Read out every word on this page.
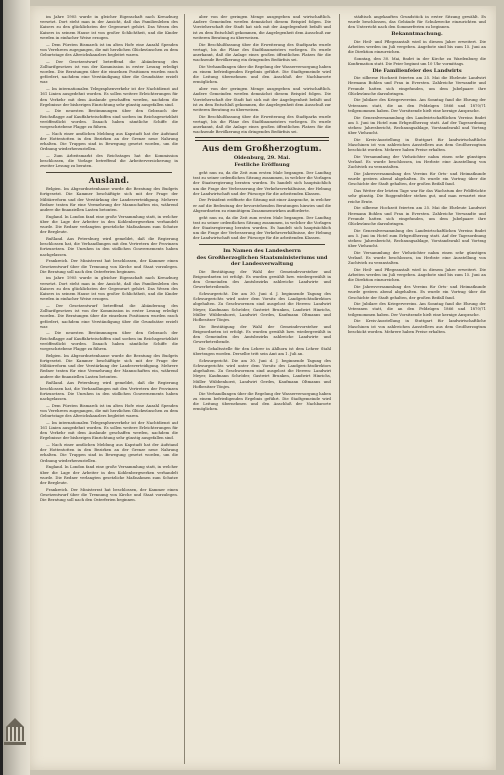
im Jahre 1905 wurde in gleicher Eigenschaft nach Kreuzburg versetzt. Dort steht man in der Ansicht, daß das Familienleben des Kaisers zu den glücklichsten der Gegenwart gehört. Das Wesen des Kaisers in seinem Hause ist von großer Schlichtheit, und die Kinder werden in einfacher Weise erzogen.

— Dem Fürsten Bismarck ist im alten Hofe eine Anzahl Spenden von Verehrern zugegangen, die mit herzlichen Glückwünschen zu dem Geburtstage des Altreichskanzlers begleitet waren.

— Der Gesetzentwurf betreffend die Abänderung des Zolltarifgesetzes ist von der Kommission in erster Lesung erledigt worden. Die Beratungen über die einzelnen Positionen wurden rasch gefördert, nachdem eine Verständigung über die Grundsätze erzielt war.

— Im internationalen Telegraphenverkehr ist der Nachtdienst auf 161 Linien ausgedehnt worden. Es sollen weitere Erleichterungen für den Verkehr mit dem Auslande geschaffen werden, nachdem die Ergebnisse der bisherigen Einrichtung sehr günstig ausgefallen sind.

— Die neuesten Bestimmungen über den Gebrauch der Reichsflagge auf Kauffahrteischiffen sind soeben im Reichsgesetzblatt veröffentlicht worden. Danach haben sämtliche Schiffe die vorgeschriebene Flagge zu führen.

— Nach einer amtlichen Meldung aus Kapstadt hat der Aufstand der Hottentotten in den Bezirken an der Grenze neue Nahrung erhalten. Die Truppen sind in Bewegung gesetzt worden, um die Ordnung wiederherzustellen.

— Zum Arbeitsmarkt des Reichstages hat die Kommission beschlossen, die Vorlage betreffend die Arbeiterversicherung in zweiter Lesung zu beraten.

Ausland.

Belgien. Im Abgeordnetenhause wurde die Beratung des Budgets fortgesetzt. Die Kammer beschäftigte sich mit der Frage der Militärreform und der Verstärkung der Landesverteidigung. Mehrere Redner traten für eine Vermehrung der Mannschaften ein, während andere die finanziellen Lasten betonten.

England. In London fand eine große Versammlung statt, in welcher über die Lage der Arbeiter in den Kohlenbergwerken verhandelt wurde. Die Redner verlangten gesetzliche Maßnahmen zum Schutze der Bergleute.

Rußland. Aus Petersburg wird gemeldet, daß die Regierung beschlossen hat, die Verhandlungen mit den Vertretern der Provinzen fortzusetzen. Die Unruhen in den südlichen Gouvernements haben nachgelassen.

Frankreich. Der Ministerrat hat beschlossen, der Kammer einen Gesetzentwurf über die Trennung von Kirche und Staat vorzulegen. Die Beratung soll nach den Osterferien beginnen.

im Jahre 1905 wurde in gleicher Eigenschaft nach Kreuzburg versetzt. Dort steht man in der Ansicht, daß das Familienleben des Kaisers zu den glücklichsten der Gegenwart gehört. Das Wesen des Kaisers in seinem Hause ist von großer Schlichtheit, und die Kinder werden in einfacher Weise erzogen.

— Der Gesetzentwurf betreffend die Abänderung des Zolltarifgesetzes ist von der Kommission in erster Lesung erledigt worden. Die Beratungen über die einzelnen Positionen wurden rasch gefördert, nachdem eine Verständigung über die Grundsätze erzielt war.

— Die neuesten Bestimmungen über den Gebrauch der Reichsflagge auf Kauffahrteischiffen sind soeben im Reichsgesetzblatt veröffentlicht worden. Danach haben sämtliche Schiffe die vorgeschriebene Flagge zu führen.

Belgien. Im Abgeordnetenhause wurde die Beratung des Budgets fortgesetzt. Die Kammer beschäftigte sich mit der Frage der Militärreform und der Verstärkung der Landesverteidigung. Mehrere Redner traten für eine Vermehrung der Mannschaften ein, während andere die finanziellen Lasten betonten.

Rußland. Aus Petersburg wird gemeldet, daß die Regierung beschlossen hat, die Verhandlungen mit den Vertretern der Provinzen fortzusetzen. Die Unruhen in den südlichen Gouvernements haben nachgelassen.

— Dem Fürsten Bismarck ist im alten Hofe eine Anzahl Spenden von Verehrern zugegangen, die mit herzlichen Glückwünschen zu dem Geburtstage des Altreichskanzlers begleitet waren.

— Im internationalen Telegraphenverkehr ist der Nachtdienst auf 161 Linien ausgedehnt worden. Es sollen weitere Erleichterungen für den Verkehr mit dem Auslande geschaffen werden, nachdem die Ergebnisse der bisherigen Einrichtung sehr günstig ausgefallen sind.

— Nach einer amtlichen Meldung aus Kapstadt hat der Aufstand der Hottentotten in den Bezirken an der Grenze neue Nahrung erhalten. Die Truppen sind in Bewegung gesetzt worden, um die Ordnung wiederherzustellen.

England. In London fand eine große Versammlung statt, in welcher über die Lage der Arbeiter in den Kohlenbergwerken verhandelt wurde. Die Redner verlangten gesetzliche Maßnahmen zum Schutze der Bergleute.

Frankreich. Der Ministerrat hat beschlossen, der Kammer einen Gesetzentwurf über die Trennung von Kirche und Staat vorzulegen. Die Beratung soll nach den Osterferien beginnen.

aber von der geringen Menge ausgegeben und wirtschaftlich. Andere Gemeinden werden demnächst diesem Beispiel folgen. Die Vorsteherschaft der Stadt hat sich mit der Angelegenheit befaßt und ist zu dem Entschluß gekommen, die Angelegenheit dem Ausschuß zur weiteren Beratung zu überweisen.

Die Beschlußfassung über die Erweiterung des Stadtparks wurde vertagt, bis die Pläne des Stadtbaumeisters vorliegen. Es wurde anerkannt, daß die Anlage eines großen öffentlichen Platzes für die wachsende Bevölkerung ein dringendes Bedürfnis sei.

Die Verhandlungen über die Regelung der Wasserversorgung haben zu einem befriedigenden Ergebnis geführt. Die Stadtgemeinde wird die Leitung übernehmen und den Anschluß der Nachbarorte ermöglichen.

aber von der geringen Menge ausgegeben und wirtschaftlich. Andere Gemeinden werden demnächst diesem Beispiel folgen. Die Vorsteherschaft der Stadt hat sich mit der Angelegenheit befaßt und ist zu dem Entschluß gekommen, die Angelegenheit dem Ausschuß zur weiteren Beratung zu überweisen.

Die Beschlußfassung über die Erweiterung des Stadtparks wurde vertagt, bis die Pläne des Stadtbaumeisters vorliegen. Es wurde anerkannt, daß die Anlage eines großen öffentlichen Platzes für die wachsende Bevölkerung ein dringendes Bedürfnis sei.

Aus dem Großherzogtum.

Oldenburg, 29. Mai.

Festliche Eröffnung

geht nun zu, da die Zeit zum ersten Male begangen. Der Landtag trat zu seiner ordentlichen Sitzung zusammen, in welcher die Vorlagen der Staatsregierung beraten wurden. Es handelt sich hauptsächlich um die Frage der Verbesserung der Verkehrsverhältnisse, der Hebung der Landwirtschaft und der Fürsorge für die arbeitenden Klassen.

Der Präsident eröffnete die Sitzung mit einer Ansprache, in welcher er auf die Bedeutung der bevorstehenden Beratungen hinwies und die Abgeordneten zu einmütigem Zusammenwirken aufforderte.

geht nun zu, da die Zeit zum ersten Male begangen. Der Landtag trat zu seiner ordentlichen Sitzung zusammen, in welcher die Vorlagen der Staatsregierung beraten wurden. Es handelt sich hauptsächlich um die Frage der Verbesserung der Verkehrsverhältnisse, der Hebung der Landwirtschaft und der Fürsorge für die arbeitenden Klassen.

Im Namen des Landesherrn

des Großherzoglichen Staatsministeriums und der Landesverwaltung

Die Bestätigung der Wahl der Gemeindevorsteher und Beigeordneten ist erfolgt. Es wurden gewählt bzw. wiedergewählt in den Gemeinden des Amtsbezirks zahlreiche Landwirte und Gewerbetreibende.

Schwurgericht. Die am 30. Juni d. J. beginnende Tagung des Schwurgerichts wird unter dem Vorsitz des Landgerichtsdirektors abgehalten. Zu Geschworenen sind ausgelost die Herren: Landwirt Meyer, Kaufmann Schröder, Gastwirt Brunken, Landwirt Hinrichs, Müller Wübbenhorst, Landwirt Gerdes, Kaufmann Oltmanns und Hofbesitzer Tönjes.

Die Bestätigung der Wahl der Gemeindevorsteher und Beigeordneten ist erfolgt. Es wurden gewählt bzw. wiedergewählt in den Gemeinden des Amtsbezirks zahlreiche Landwirte und Gewerbetreibende.

Die Gehaltsstelle für den Lehrer in Ahlhorn ist dem Lehrer Stahl übertragen worden. Derselbe tritt sein Amt am 1. Juli an.

Schwurgericht. Die am 30. Juni d. J. beginnende Tagung des Schwurgerichts wird unter dem Vorsitz des Landgerichtsdirektors abgehalten. Zu Geschworenen sind ausgelost die Herren: Landwirt Meyer, Kaufmann Schröder, Gastwirt Brunken, Landwirt Hinrichs, Müller Wübbenhorst, Landwirt Gerdes, Kaufmann Oltmanns und Hofbesitzer Tönjes.

Die Verhandlungen über die Regelung der Wasserversorgung haben zu einem befriedigenden Ergebnis geführt. Die Stadtgemeinde wird die Leitung übernehmen und den Anschluß der Nachbarorte ermöglichen.

städtisch angekauften Grundstück in erster Sitzung gewählt. Es wurde beschlossen, das Gebäude für Schulzwecke einzurichten und den Unterricht nach den Sommerferien zu beginnen.

Bekanntmachung.

Die Heil- und Pflegeanstalt wird in diesem Jahre erweitert. Die Arbeiten werden im Juli vergeben. Angebote sind bis zum 15. Juni an die Direktion einzureichen.

Sonntag, den 30. Mai, findet in der Kirche zu Wardenburg die Konfirmation statt. Die Feier beginnt um 10 Uhr vormittags.

Die Familienfeier des Landwirts

Die silberne Hochzeit feierten am 25. Mai die Eheleute Landwirt Hermann Bohlen und Frau in Eversten. Zahlreiche Verwandte und Freunde hatten sich eingefunden, um dem Jubelpaare ihre Glückwünsche darzubringen.

Die Jubilare des Kriegervereins. Am Sonntag fand die Ehrung der Veteranen statt, die an den Feldzügen 1866 und 1870/71 teilgenommen haben. Der Vorsitzende hielt eine kernige Ansprache.

Die Generalversammlung des Landwirtschaftlichen Vereins findet am 5. Juni im Hotel zum Erbgroßherzog statt. Auf der Tagesordnung stehen: Jahresbericht, Rechnungsablage, Vorstandswahl und Vortrag über Viehzucht.

Die Kreis-Ausstellung in Stuttgart für landwirtschaftliche Maschinen ist von zahlreichen Ausstellern aus dem Großherzogtum beschickt worden. Mehrere haben Preise erhalten.

Die Versammlung der Viehzüchter nahm einen sehr günstigen Verlauf. Es wurde beschlossen, im Herbste eine Ausstellung von Zuchtvieh zu veranstalten.

Die Jahresversammlung des Vereins für Orts- und Heimatkunde wurde gestern abend abgehalten. Es wurde ein Vortrag über die Geschichte der Stadt gehalten, der großen Beifall fand.

Das Wetter der letzten Tage war für das Wachstum der Feldfrüchte sehr günstig. Die Roggenfelder stehen gut, und man erwartet eine reiche Ernte.

Die silberne Hochzeit feierten am 25. Mai die Eheleute Landwirt Hermann Bohlen und Frau in Eversten. Zahlreiche Verwandte und Freunde hatten sich eingefunden, um dem Jubelpaare ihre Glückwünsche darzubringen.

Die Generalversammlung des Landwirtschaftlichen Vereins findet am 5. Juni im Hotel zum Erbgroßherzog statt. Auf der Tagesordnung stehen: Jahresbericht, Rechnungsablage, Vorstandswahl und Vortrag über Viehzucht.

Die Versammlung der Viehzüchter nahm einen sehr günstigen Verlauf. Es wurde beschlossen, im Herbste eine Ausstellung von Zuchtvieh zu veranstalten.

Die Heil- und Pflegeanstalt wird in diesem Jahre erweitert. Die Arbeiten werden im Juli vergeben. Angebote sind bis zum 15. Juni an die Direktion einzureichen.

Die Jahresversammlung des Vereins für Orts- und Heimatkunde wurde gestern abend abgehalten. Es wurde ein Vortrag über die Geschichte der Stadt gehalten, der großen Beifall fand.

Die Jubilare des Kriegervereins. Am Sonntag fand die Ehrung der Veteranen statt, die an den Feldzügen 1866 und 1870/71 teilgenommen haben. Der Vorsitzende hielt eine kernige Ansprache.

Die Kreis-Ausstellung in Stuttgart für landwirtschaftliche Maschinen ist von zahlreichen Ausstellern aus dem Großherzogtum beschickt worden. Mehrere haben Preise erhalten.
